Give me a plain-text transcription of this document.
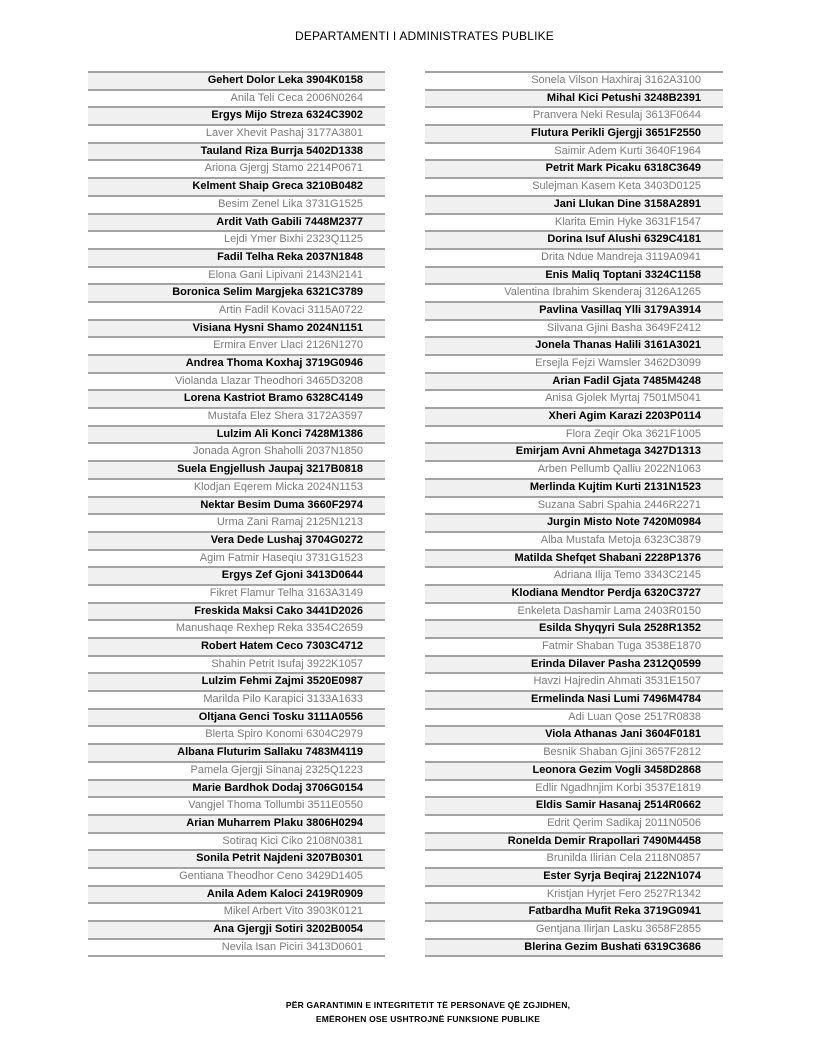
DEPARTAMENTI I ADMINISTRATES PUBLIKE
Gehert Dolor Leka 3904K0158
Anila Teli Ceca 2006N0264
Ergys Mijo Streza 6324C3902
Laver Xhevit Pashaj 3177A3801
Tauland Riza Burrja 5402D1338
Ariona Gjergj Stamo 2214P0671
Kelment Shaip Greca 3210B0482
Besim Zenel Lika 3731G1525
Ardit Vath Gabili 7448M2377
Lejdi Ymer Bixhi 2323Q1125
Fadil Telha Reka 2037N1848
Elona Gani Lipivani 2143N2141
Boronica Selim Margjeka 6321C3789
Artin Fadil Kovaci 3115A0722
Visiana Hysni Shamo 2024N1151
Ermira Enver Llaci 2126N1270
Andrea Thoma Koxhaj 3719G0946
Violanda Llazar Theodhori 3465D3208
Lorena Kastriot Bramo 6328C4149
Mustafa Elez Shera 3172A3597
Lulzim Ali Konci 7428M1386
Jonada Agron Shaholli 2037N1850
Suela Engjellush Jaupaj 3217B0818
Klodjan Eqerem Micka 2024N1153
Nektar Besim Duma 3660F2974
Urma Zani Ramaj 2125N1213
Vera Dede Lushaj 3704G0272
Agim Fatmir Haseqiu 3731G1523
Ergys Zef Gjoni 3413D0644
Fikret Flamur Telha 3163A3149
Freskida Maksi Cako 3441D2026
Manushaqe Rexhep Reka 3354C2659
Robert Hatem Ceco 7303C4712
Shahin Petrit Isufaj 3922K1057
Lulzim Fehmi Zajmi 3520E0987
Marilda Pilo Karapici 3133A1633
Oltjana Genci Tosku 3111A0556
Blerta Spiro Konomi 6304C2979
Albana Fluturim Sallaku 7483M4119
Pamela Gjergji Sinanaj 2325Q1223
Marie Bardhok Dodaj 3706G0154
Vangjel Thoma Tollumbi 3511E0550
Arian Muharrem Plaku 3806H0294
Sotiraq Kici Ciko 2108N0381
Sonila Petrit Najdeni 3207B0301
Gentiana Theodhor Ceno 3429D1405
Anila Adem Kaloci 2419R0909
Mikel Arbert Vito 3903K0121
Ana Gjergji Sotiri 3202B0054
Nevila Isan Piciri 3413D0601
Sonela Vilson Haxhiraj 3162A3100
Mihal Kici Petushi 3248B2391
Pranvera Neki Resulaj 3613F0644
Flutura Perikli Gjergji 3651F2550
Saimir Adem Kurti 3640F1964
Petrit Mark Picaku 6318C3649
Sulejman Kasem Keta 3403D0125
Jani Llukan Dine 3158A2891
Klarita Emin Hyke 3631F1547
Dorina Isuf Alushi 6329C4181
Drita Ndue Mandreja 3119A0941
Enis Maliq Toptani 3324C1158
Valentina Ibrahim Skenderaj 3126A1265
Pavlina Vasillaq Ylli 3179A3914
Silvana Gjini Basha 3649F2412
Jonela Thanas Halili 3161A3021
Ersejla Fejzi Wamsler 3462D3099
Arian Fadil Gjata 7485M4248
Anisa Gjolek Myrtaj 7501M5041
Xheri Agim Karazi 2203P0114
Flora Zeqir Oka 3621F1005
Emirjam Avni Ahmetaga 3427D1313
Arben Pellumb Qalliu 2022N1063
Merlinda Kujtim Kurti 2131N1523
Suzana Sabri Spahia 2446R2271
Jurgin Misto Note 7420M0984
Alba Mustafa Metoja 6323C3879
Matilda Shefqet Shabani 2228P1376
Adriana Ilija Temo 3343C2145
Klodiana Mendtor Perdja 6320C3727
Enkeleta Dashamir Lama 2403R0150
Esilda Shyqyri Sula 2528R1352
Fatmir Shaban Tuga 3538E1870
Erinda Dilaver Pasha 2312Q0599
Havzi Hajredin Ahmati 3531E1507
Ermelinda Nasi Lumi 7496M4784
Adi Luan Qose 2517R0838
Viola Athanas Jani 3604F0181
Besnik Shaban Gjini 3657F2812
Leonora Gezim Vogli 3458D2868
Edlir Ngadhnjim Korbi 3537E1819
Eldis Samir Hasanaj 2514R0662
Edrit Qerim Sadikaj 2011N0506
Ronelda Demir Rrapollari 7490M4458
Brunilda Ilirian Cela 2118N0857
Ester Syrja Beqiraj 2122N1074
Kristjan Hyrjet Fero 2527R1342
Fatbardha Mufit Reka 3719G0941
Gentjana Ilirjan Lasku 3658F2855
Blerina Gezim Bushati 6319C3686
PËR GARANTIMIN E INTEGRITETIT TË PERSONAVE QË ZGJIDHEN,
EMËROHEN OSE USHTROJNË FUNKSIONE PUBLIKE
